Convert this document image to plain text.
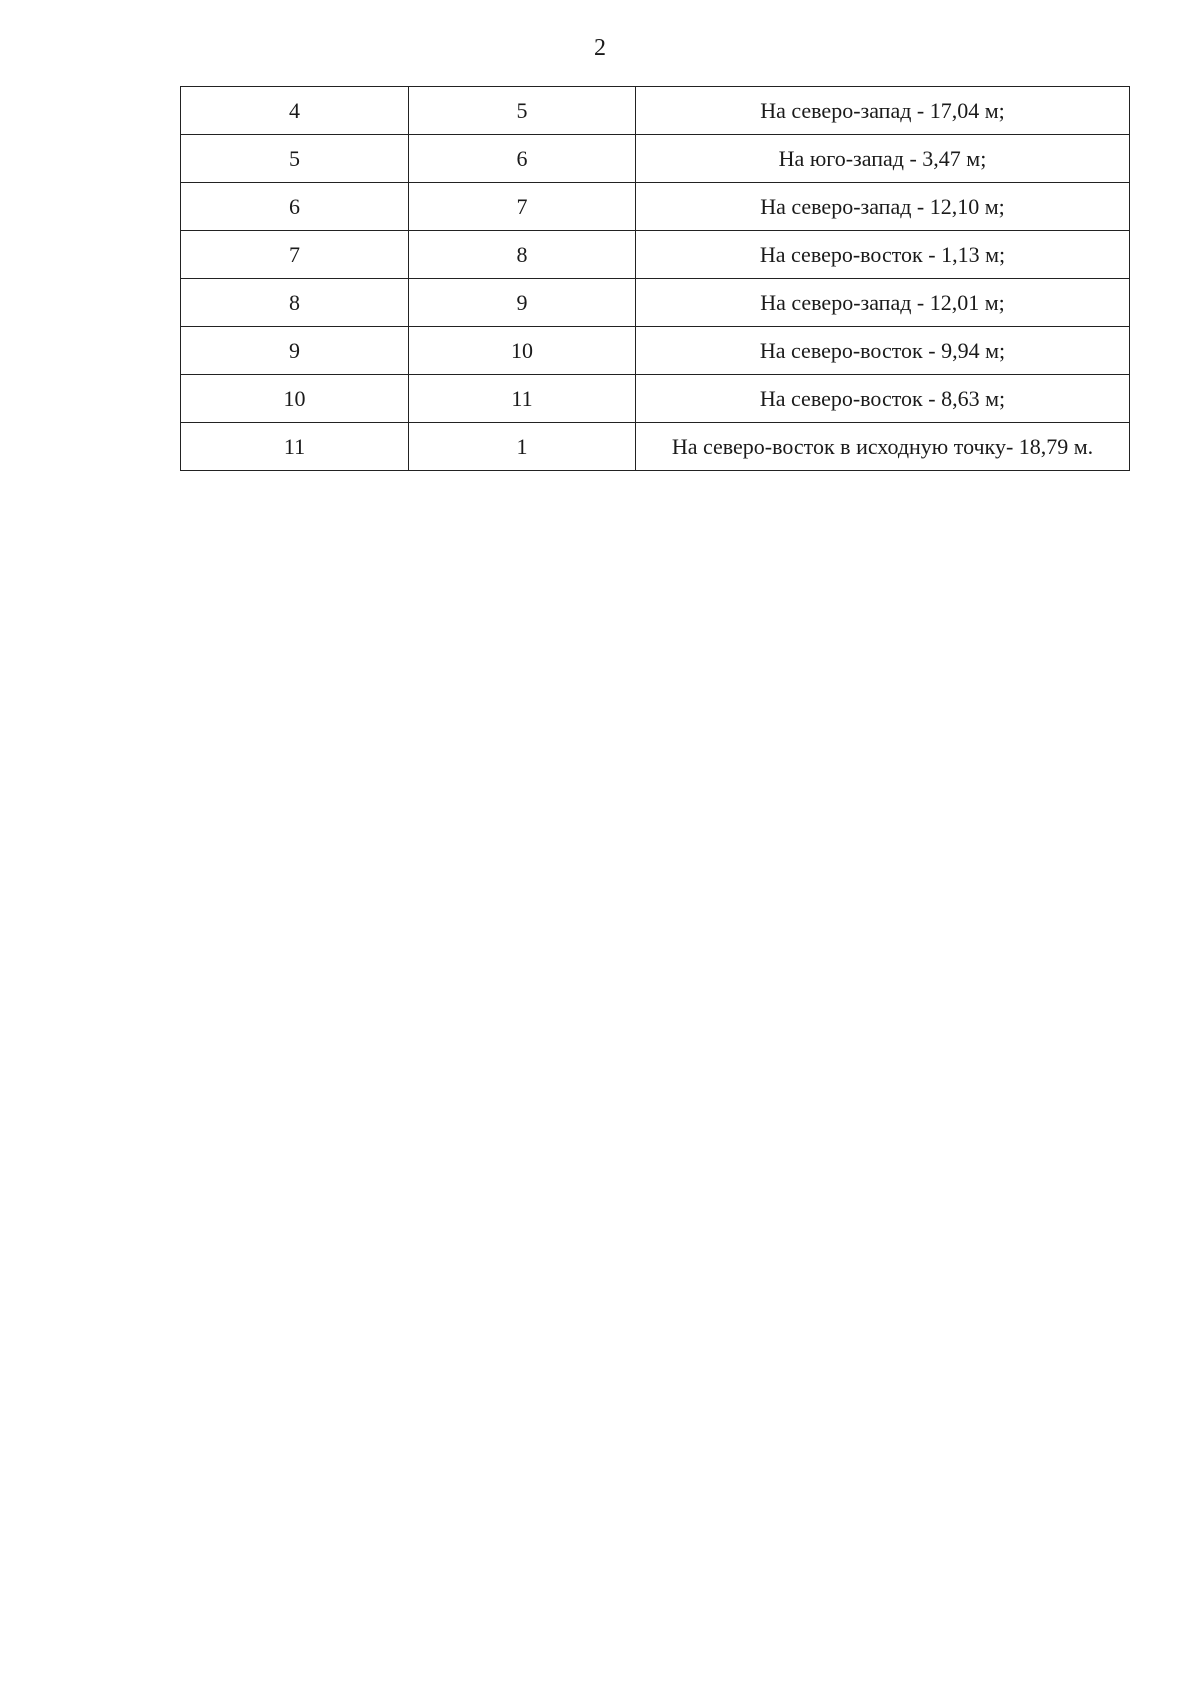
2
4	5	На северо-запад - 17,04 м;
5	6	На юго-запад - 3,47 м;
6	7	На северо-запад - 12,10 м;
7	8	На северо-восток - 1,13 м;
8	9	На северо-запад - 12,01 м;
9	10	На северо-восток - 9,94 м;
10	11	На северо-восток - 8,63 м;
11	1	На северо-восток в исходную точку- 18,79 м.
